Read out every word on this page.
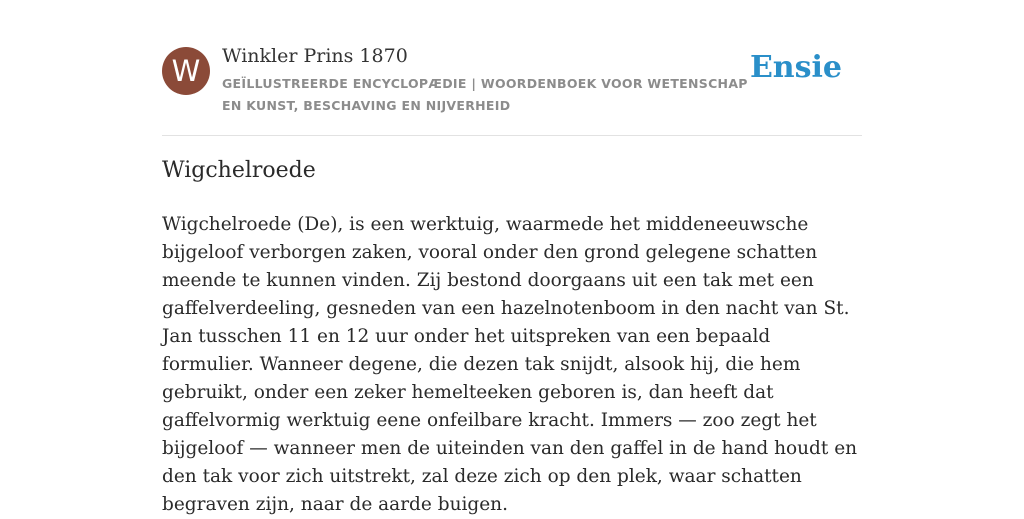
W	Winkler Prins 1870
GEÏLLUSTREERDE ENCYCLOPÆDIE | WOORDENBOEK VOOR WETENSCHAP EN KUNST, BESCHAVING EN NIJVERHEID
Ensie
Wigchelroede

Wigchelroede (De), is een werktuig, waarmede het middeneeuwsche bijgeloof verborgen zaken, vooral onder den grond gelegene schatten meende te kunnen vinden. Zij bestond doorgaans uit een tak met een gaffelverdeeling, gesneden van een hazelnotenboom in den nacht van St. Jan tusschen 11 en 12 uur onder het uitspreken van een bepaald formulier. Wanneer degene, die dezen tak snijdt, alsook hij, die hem gebruikt, onder een zeker hemelteeken geboren is, dan heeft dat gaffelvormig werktuig eene onfeilbare kracht. Immers — zoo zegt het bijgeloof — wanneer men de uiteinden van den gaffel in de hand houdt en den tak voor zich uitstrekt, zal deze zich op den plek, waar schatten begraven zijn, naar de aarde buigen.
